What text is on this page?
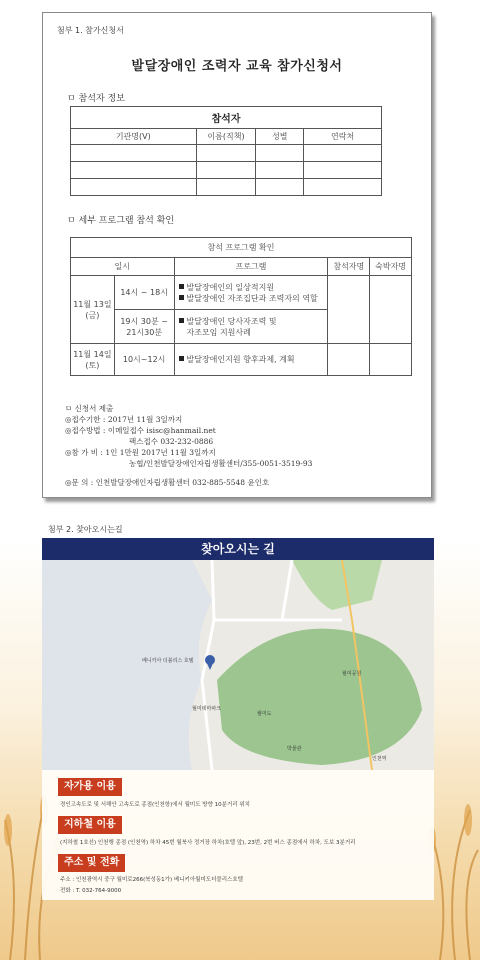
첨부 1. 참가신청서
발달장애인 조력자 교육 참가신청서
ㅁ 참석자 정보
참석자			
기관명(V)	이름(직책)	성별	연락처

ㅁ 세부 프로그램 참석 확인
참석 프로그램 확인				
일시		프로그램	참석자명	숙박자명
11월 13일 (금)	14시 ~ 18시	발달장애인의 일상적지원
발달장애인 자조집단과 조력자의 역할		

	19시 30분 ~ 21시30분	발달장애인 당사자조력 및
자조모임 지원사례		

11월 14일 (토)	10시~12시	발달장애인지원 향후과제, 계획		

ㅁ 신청서 제출
◎접수기한 : 2017년 11월 3일까지
◎접수방법 : 이메일접수 isisc@hanmail.net
팩스접수 032-232-0886
◎참 가 비 : 1인 1만원 2017년 11월 3일까지
농협/인천발달장애인자립생활센터/355-0051-3519-93
◎문 의 : 인천발달장애인자립생활센터 032-885-5548 윤인호
첨부 2. 찾아오시는길
찾아오시는 길
베니키아 더블리스 호텔
월미도
월미공원
월미테마파크
인천역
박물관
자가용 이용
경인고속도로 및 서해안 고속도로 종점(인천항)에서 월미도 방향 10분거리 위치
지하철 이용
(지하철 1호선) 인천행 종점 (인천역) 하차 45번 월북사 정거장 하차(호텔 앞), 23번, 2번 버스 종점에서 하차, 도보 3분거리
주소 및 전화
주소 : 인천광역시 중구 월미로266(북성동1가) 베니키아월미도더블리스호텔
전화 : T. 032-764-9000
